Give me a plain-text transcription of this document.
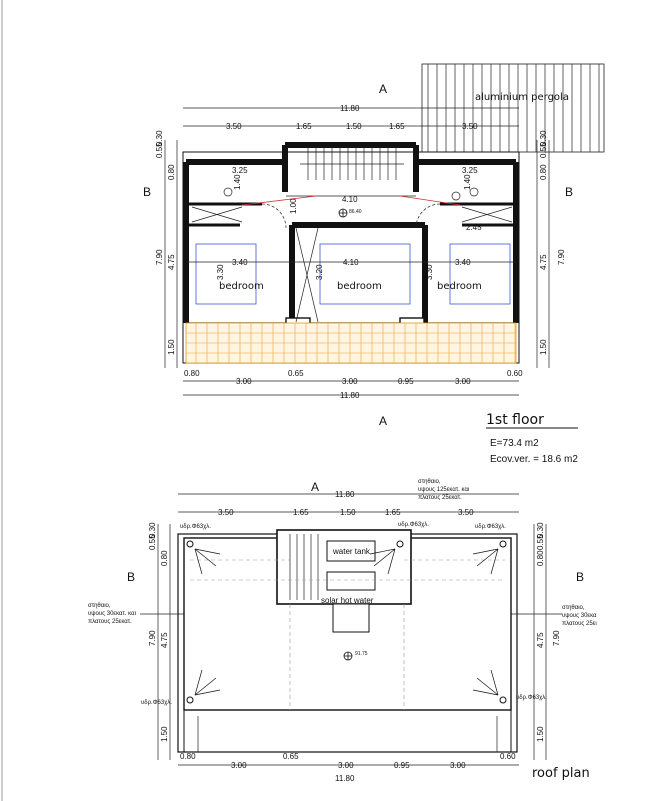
aluminium pergola
A
A
B	B
11.80
3.50	1.65	1.50	1.65	3.50
0.80
3.00
0.65
3.00	0.95	3.00
0.60
11.80
0.55
0.30
0.80
7.90 4.75
1.50
0.55
0.30
0.80
7.90
4.75
1.50
3.25
1.40
4.10
1.00
2.45
3.40
3.30
4.10
3.20	3.30
3.40
3.25
1.40
86.40
bedroom	bedroom	bedroom
1st floor
E=73.4 m2
Ecov.ver. = 18.6 m2
A
B	B
11.80
3.50	1.65	1.50	1.65	3.50
0.55
0.30
0.80
7.90 4.75
1.50
0.55
0.30
0.80
7.90
4.75
1.50
water tank
solar hot water
υδρ.Φ63χλ.	υδρ.Φ63χλ.	υδρ.Φ63χλ.
υδρ.Φ63χλ.
υδρ.Φ63χλ.
91.75
στηθαιο,
υψους 125εκατ. και
πλατους 25εκατ.
στηθαιο,
υψους 30εκατ. και
πλατους 25εκατ.
στηθαιο,
υψους 30εκα
πλατους 25ει
0.80
3.00
0.65
3.00	0.95	3.00
0.60
11.80	roof plan
